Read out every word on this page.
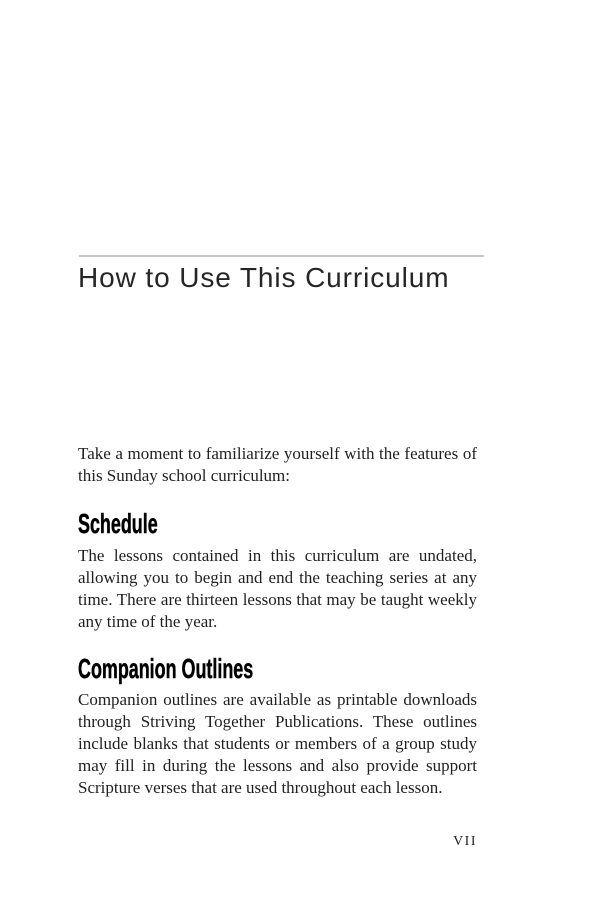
How to Use This Curriculum
Take a moment to familiarize yourself with the features of
this Sunday school curriculum:
Schedule
The lessons contained in this curriculum are undated,
allowing you to begin and end the teaching series at any
time. There are thirteen lessons that may be taught weekly
any time of the year.
Companion Outlines
Companion outlines are available as printable downloads
through Striving Together Publications. These outlines
include blanks that students or members of a group study
may fill in during the lessons and also provide support
Scripture verses that are used throughout each lesson.
VII
